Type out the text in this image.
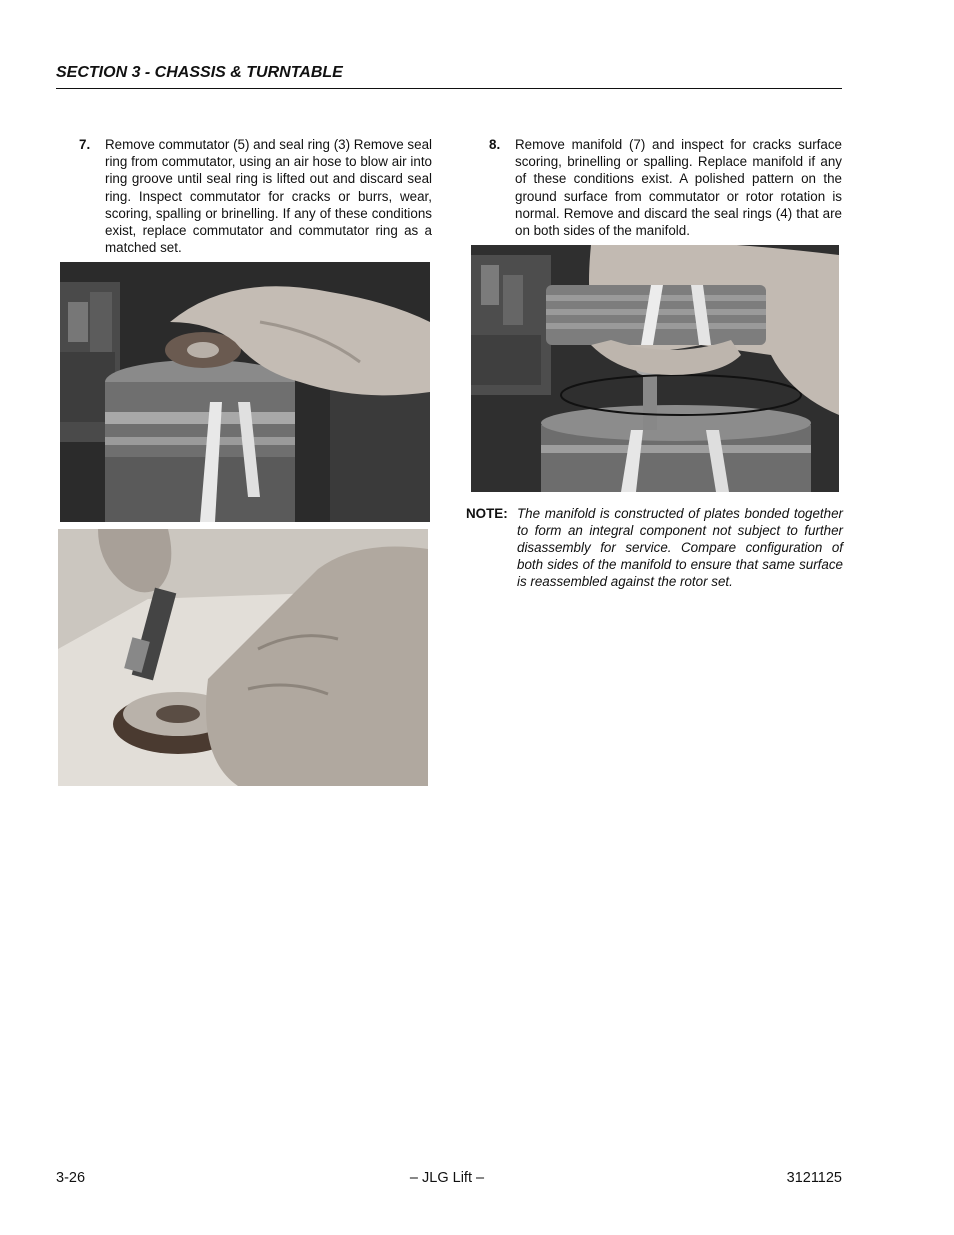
SECTION 3 - CHASSIS & TURNTABLE
7. Remove commutator (5) and seal ring (3) Remove seal ring from commutator, using an air hose to blow air into ring groove until seal ring is lifted out and discard seal ring. Inspect commutator for cracks or burrs, wear, scoring, spalling or brinelling. If any of these conditions exist, replace commutator and commutator ring as a matched set.
8. Remove manifold (7) and inspect for cracks surface scoring, brinelling or spalling. Replace manifold if any of these conditions exist. A polished pattern on the ground surface from commutator or rotor rotation is normal. Remove and discard the seal rings (4) that are on both sides of the manifold.
NOTE: The manifold is constructed of plates bonded together to form an integral component not subject to further disassembly for service. Compare configuration of both sides of the manifold to ensure that same surface is reassembled against the rotor set.
3-26	– JLG Lift –	3121125
